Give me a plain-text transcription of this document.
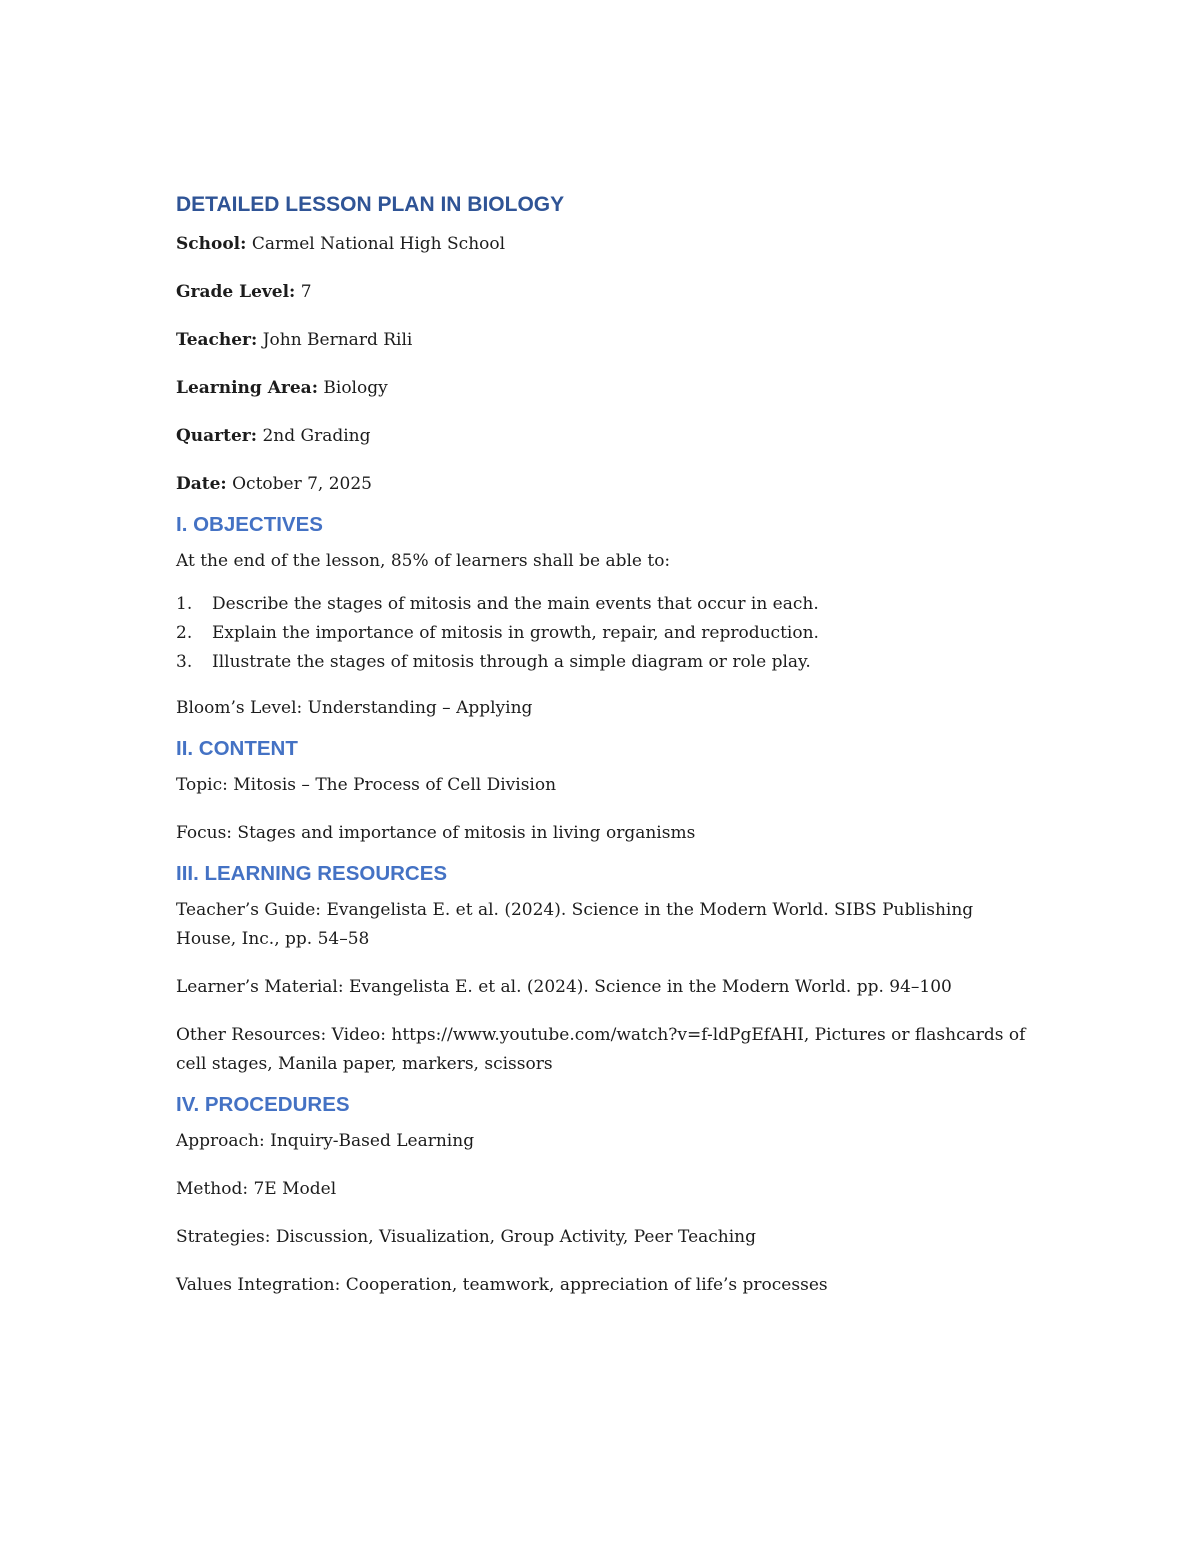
DETAILED LESSON PLAN IN BIOLOGY

School: Carmel National High School

Grade Level: 7

Teacher: John Bernard Rili

Learning Area: Biology

Quarter: 2nd Grading

Date: October 7, 2025

I. OBJECTIVES

At the end of the lesson, 85% of learners shall be able to:

1.	Describe the stages of mitosis and the main events that occur in each.
2.	Explain the importance of mitosis in growth, repair, and reproduction.
3.	Illustrate the stages of mitosis through a simple diagram or role play.

Bloom’s Level: Understanding – Applying

II. CONTENT

Topic: Mitosis – The Process of Cell Division

Focus: Stages and importance of mitosis in living organisms

III. LEARNING RESOURCES

Teacher’s Guide: Evangelista E. et al. (2024). Science in the Modern World. SIBS Publishing House, Inc., pp. 54–58

Learner’s Material: Evangelista E. et al. (2024). Science in the Modern World. pp. 94–100

Other Resources: Video: https://www.youtube.com/watch?v=f-ldPgEfAHI, Pictures or flashcards of cell stages, Manila paper, markers, scissors

IV. PROCEDURES

Approach: Inquiry-Based Learning

Method: 7E Model

Strategies: Discussion, Visualization, Group Activity, Peer Teaching

Values Integration: Cooperation, teamwork, appreciation of life’s processes
